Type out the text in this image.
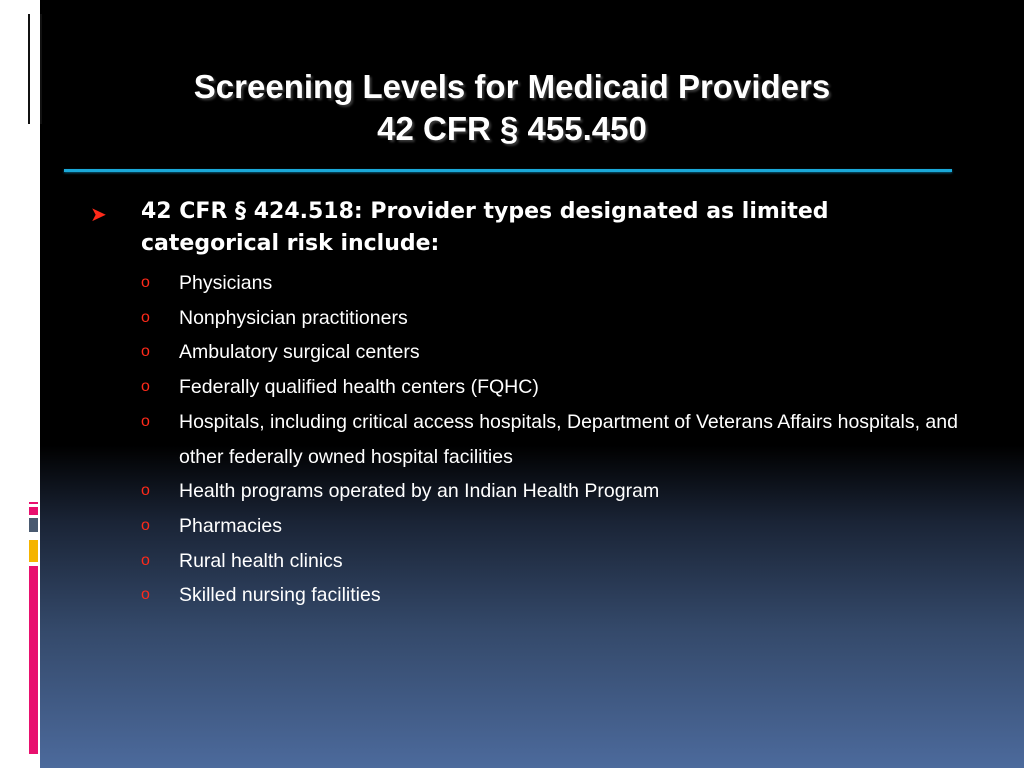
Screening Levels for Medicaid Providers
42 CFR § 455.450
➤ 42 CFR § 424.518: Provider types designated as limited categorical risk include:
o Physicians
o Nonphysician practitioners
o Ambulatory surgical centers
o Federally qualified health centers (FQHC)
o Hospitals, including critical access hospitals, Department of Veterans Affairs hospitals, and other federally owned hospital facilities
o Health programs operated by an Indian Health Program
o Pharmacies
o Rural health clinics
o Skilled nursing facilities
